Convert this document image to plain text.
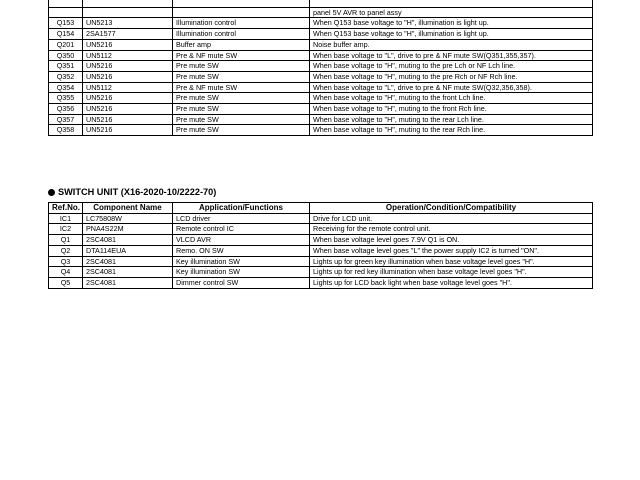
			panel 5V AVR to panel assy
Q153	UN5213	Illumination control	When Q153 base voltage to "H", illumination is light up.
Q154	2SA1577	Illumination control	When Q153 base voltage to "H", illumination is light up.
Q201	UN5216	Buffer amp	Noise buffer amp.
Q350	UN5112	Pre & NF mute SW	When base voltage to "L", drive to pre & NF mute SW(Q351,355,357).
Q351	UN5216	Pre mute SW	When base voltage to "H", muting to the pre Lch or NF Lch line.
Q352	UN5216	Pre mute SW	When base voltage to "H", muting to the pre Rch or NF Rch line.
Q354	UN5112	Pre & NF mute SW	When base voltage to "L", drive to pre & NF mute SW(Q32,356,358).
Q355	UN5216	Pre mute SW	When base voltage to "H", muting to the front Lch line.
Q356	UN5216	Pre mute SW	When base voltage to "H", muting to the front Rch line.
Q357	UN5216	Pre mute SW	When base voltage to "H", muting to the rear Lch line.
Q358	UN5216	Pre mute SW	When base voltage to "H", muting to the rear Rch line.
SWITCH UNIT (X16-2020-10/2222-70)
Ref.No.	Component Name	Application/Functions	Operation/Condition/Compatibility
IC1	LC75808W	LCD driver	Drive for LCD unit.
IC2	PNA4S22M	Remote control IC	Receiving for the remote control unit.
Q1	2SC4081	VLCD AVR	When base voltage level goes 7.9V Q1 is ON.
Q2	DTA114EUA	Remo. ON SW	When base voltage level goes "L" the power supply IC2 is turned "ON".
Q3	2SC4081	Key illumination SW	Lights up for green key illumination when base voltage level goes "H".
Q4	2SC4081	Key illumination SW	Lights up for red key illumination when base voltage level goes "H".
Q5	2SC4081	Dimmer control SW	Lights up for LCD back light when base voltage level goes "H".
